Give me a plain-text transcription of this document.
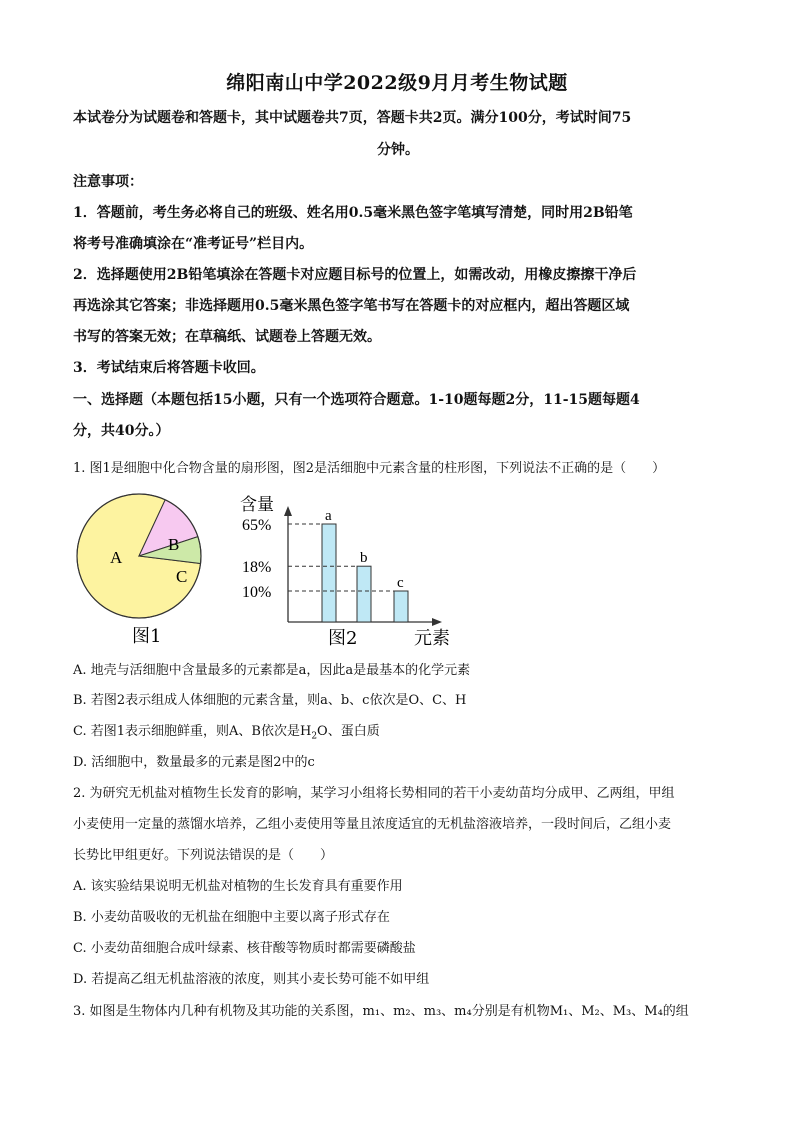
绵阳南山中学2022级9月月考生物试题
本试卷分为试题卷和答题卡，其中试题卷共7页，答题卡共2页。满分100分，考试时间75
分钟。
注意事项：
1．答题前，考生务必将自己的班级、姓名用0.5毫米黑色签字笔填写清楚，同时用2B铅笔
将考号准确填涂在“准考证号”栏目内。
2．选择题使用2B铅笔填涂在答题卡对应题目标号的位置上，如需改动，用橡皮擦擦干净后
再选涂其它答案；非选择题用0.5毫米黑色签字笔书写在答题卡的对应框内，超出答题区域
书写的答案无效；在草稿纸、试题卷上答题无效。
3．考试结束后将答题卡收回。
一、选择题（本题包括15小题，只有一个选项符合题意。1-10题每题2分，11-15题每题4
分，共40分。）
1. 图1是细胞中化合物含量的扇形图，图2是活细胞中元素含量的柱形图，下列说法不正确的是（　　）
A
B
C
图1
含量
a
65%
b
18%
c
10%
图2	元素
A. 地壳与活细胞中含量最多的元素都是a，因此a是最基本的化学元素
B. 若图2表示组成人体细胞的元素含量，则a、b、c依次是O、C、H
C. 若图1表示细胞鲜重，则A、B依次是$H_2O$、蛋白质
D. 活细胞中，数量最多的元素是图2中的c
2. 为研究无机盐对植物生长发育的影响，某学习小组将长势相同的若干小麦幼苗均分成甲、乙两组，甲组
小麦使用一定量的蒸馏水培养，乙组小麦使用等量且浓度适宜的无机盐溶液培养，一段时间后，乙组小麦
长势比甲组更好。下列说法错误的是（　　）
A. 该实验结果说明无机盐对植物的生长发育具有重要作用
B. 小麦幼苗吸收的无机盐在细胞中主要以离子形式存在
C. 小麦幼苗细胞合成叶绿素、核苷酸等物质时都需要磷酸盐
D. 若提高乙组无机盐溶液的浓度，则其小麦长势可能不如甲组
3. 如图是生物体内几种有机物及其功能的关系图，m₁、m₂、m₃、m₄分别是有机物M₁、M₂、M₃、M₄的组
